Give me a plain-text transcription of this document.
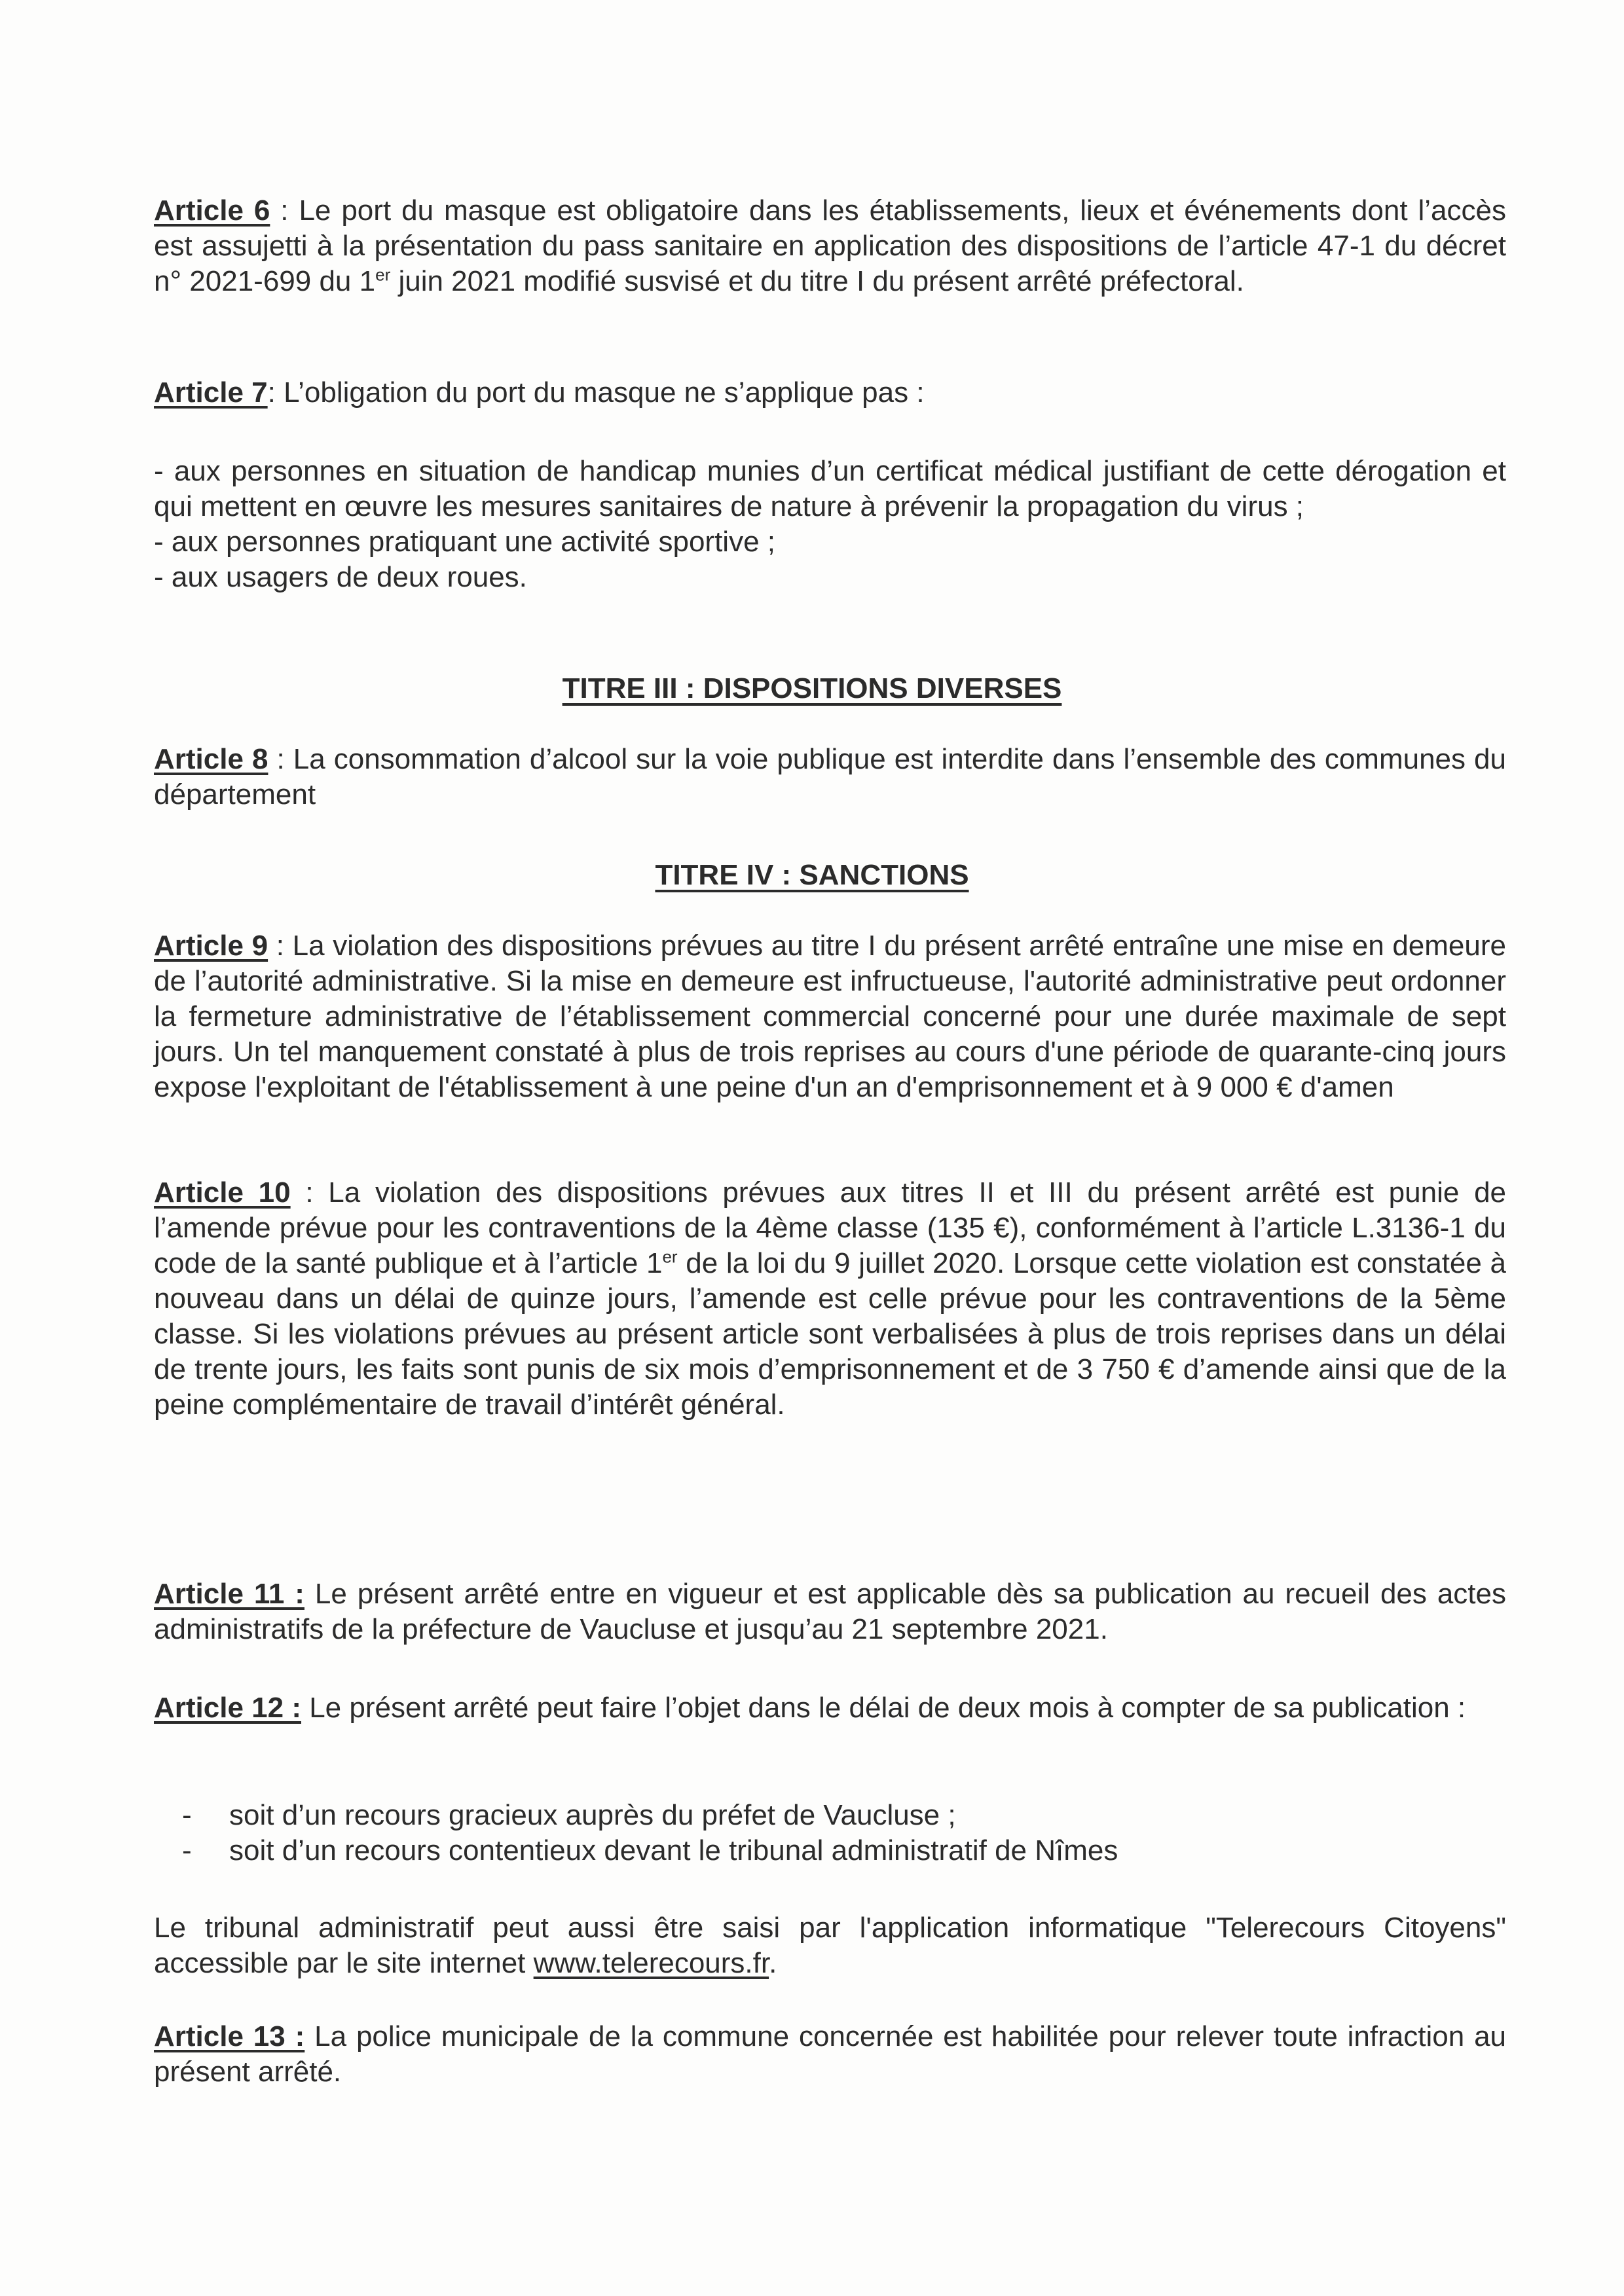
Article 6 : Le port du masque est obligatoire dans les établissements, lieux et événements dont l’accès est assujetti à la présentation du pass sanitaire en application des dispositions de l’article 47-1 du décret n° 2021-699 du 1er juin 2021 modifié susvisé et du titre I du présent arrêté préfectoral.

Article 7: L’obligation du port du masque ne s’applique pas :

- aux personnes en situation de handicap munies d’un certificat médical justifiant de cette dérogation et qui mettent en œuvre les mesures sanitaires de nature à prévenir la propagation du virus ;
- aux personnes pratiquant une activité sportive ;
- aux usagers de deux roues.

TITRE III : DISPOSITIONS DIVERSES

Article 8 : La consommation d’alcool sur la voie publique est interdite dans l’ensemble des communes du département

TITRE IV : SANCTIONS

Article 9 : La violation des dispositions prévues au titre I du présent arrêté entraîne une mise en demeure de l’autorité administrative. Si la mise en demeure est infructueuse, l'autorité administrative peut ordonner la fermeture administrative de l’établissement commercial concerné pour une durée maximale de sept jours. Un tel manquement constaté à plus de trois reprises au cours d'une période de quarante-cinq jours expose l'exploitant de l'établissement à une peine d'un an d'emprisonnement et à 9 000 € d'amen

Article 10 : La violation des dispositions prévues aux titres II et III du présent arrêté est punie de l’amende prévue pour les contraventions de la 4ème classe (135 €), conformément à l’article L.3136-1 du code de la santé publique et à l’article 1er de la loi du 9 juillet 2020. Lorsque cette violation est constatée à nouveau dans un délai de quinze jours, l’amende est celle prévue pour les contraventions de la 5ème classe. Si les violations prévues au présent article sont verbalisées à plus de trois reprises dans un délai de trente jours, les faits sont punis de six mois d’emprisonnement et de 3 750 € d’amende ainsi que de la peine complémentaire de travail d’intérêt général.

Article 11 : Le présent arrêté entre en vigueur et est applicable dès sa publication au recueil des actes administratifs de la préfecture de Vaucluse et jusqu’au 21 septembre 2021.

Article 12 : Le présent arrêté peut faire l’objet dans le délai de deux mois à compter de sa publication :

- soit d’un recours gracieux auprès du préfet de Vaucluse ;
- soit d’un recours contentieux devant le tribunal administratif de Nîmes

Le tribunal administratif peut aussi être saisi par l'application informatique "Telerecours Citoyens" accessible par le site internet www.telerecours.fr.

Article 13 : La police municipale de la commune concernée est habilitée pour relever toute infraction au présent arrêté.
